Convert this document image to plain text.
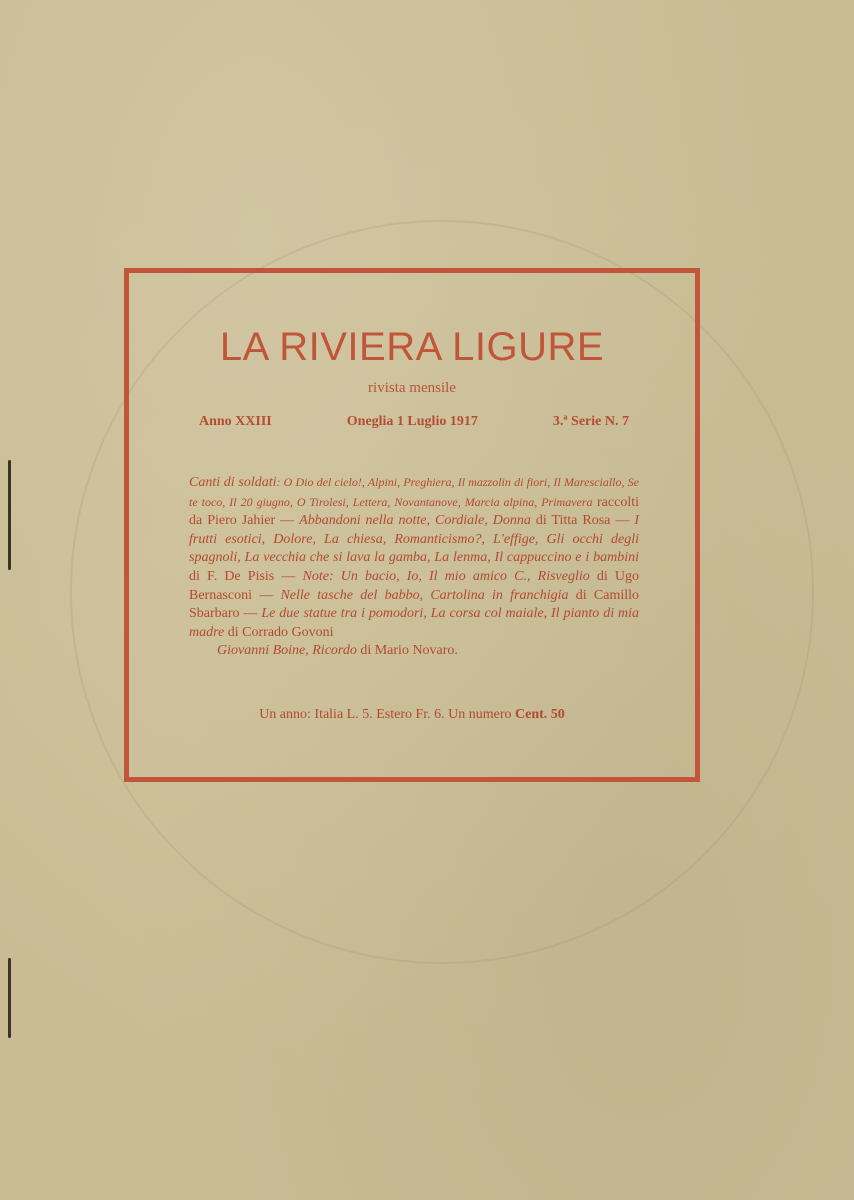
LA RIVIERA LIGURE
rivista mensile
Anno XXIII	Oneglia 1 Luglio 1917	3.ª Serie N. 7
Canti di soldati: O Dio del cielo!, Alpini, Preghiera, Il mazzolin di fiori, Il Maresciallo, Se te toco, Il 20 giugno, O Tirolesi, Lettera, Novantanove, Marcia alpina, Primavera raccolti da Piero Jahier — Abbandoni nella notte, Cordiale, Donna di Titta Rosa — I frutti esotici, Dolore, La chiesa, Romanticismo?, L'effige, Gli occhi degli spagnoli, La vecchia che si lava la gamba, La lenma, Il cappuccino e i bambini di F. De Pisis — Note: Un bacio, Io, Il mio amico C., Risveglio di Ugo Bernasconi — Nelle tasche del babbo, Cartolina in franchigia di Camillo Sbarbaro — Le due statue tra i pomodori, La corsa col maiale, Il pianto di mia madre di Corrado Govoni
Giovanni Boine, Ricordo di Mario Novaro.
Un anno: Italia L. 5. Estero Fr. 6. Un numero Cent. 50
